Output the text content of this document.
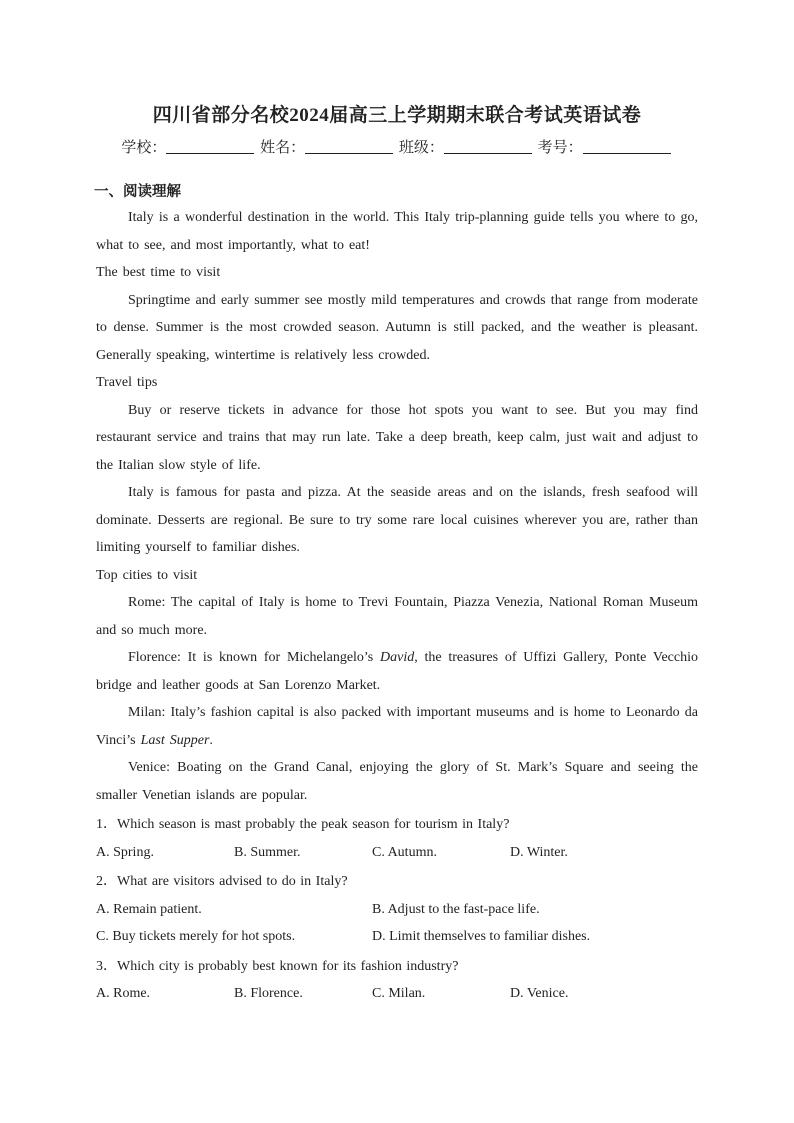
四川省部分名校2024届高三上学期期末联合考试英语试卷
学校：	姓名：	班级：	考号：
一、阅读理解
Italy is a wonderful destination in the world. This Italy trip-planning guide tells you where to go, what to see, and most importantly, what to eat!
The best time to visit
Springtime and early summer see mostly mild temperatures and crowds that range from moderate to dense. Summer is the most crowded season. Autumn is still packed, and the weather is pleasant. Generally speaking, wintertime is relatively less crowded.
Travel tips
Buy or reserve tickets in advance for those hot spots you want to see. But you may find restaurant service and trains that may run late. Take a deep breath, keep calm, just wait and adjust to the Italian slow style of life.
Italy is famous for pasta and pizza. At the seaside areas and on the islands, fresh seafood will dominate. Desserts are regional. Be sure to try some rare local cuisines wherever you are, rather than limiting yourself to familiar dishes.
Top cities to visit
Rome: The capital of Italy is home to Trevi Fountain, Piazza Venezia, National Roman Museum and so much more.
Florence: It is known for Michelangelo’s David, the treasures of Uffizi Gallery, Ponte Vecchio bridge and leather goods at San Lorenzo Market.
Milan: Italy’s fashion capital is also packed with important museums and is home to Leonardo da Vinci’s Last Supper.
Venice: Boating on the Grand Canal, enjoying the glory of St. Mark’s Square and seeing the smaller Venetian islands are popular.
1．Which season is mast probably the peak season for tourism in Italy?
A. Spring.	B. Summer.	C. Autumn.	D. Winter.
2．What are visitors advised to do in Italy?
A. Remain patient.	B. Adjust to the fast-pace life.
C. Buy tickets merely for hot spots.	D. Limit themselves to familiar dishes.
3．Which city is probably best known for its fashion industry?
A. Rome.	B. Florence.	C. Milan.	D. Venice.
